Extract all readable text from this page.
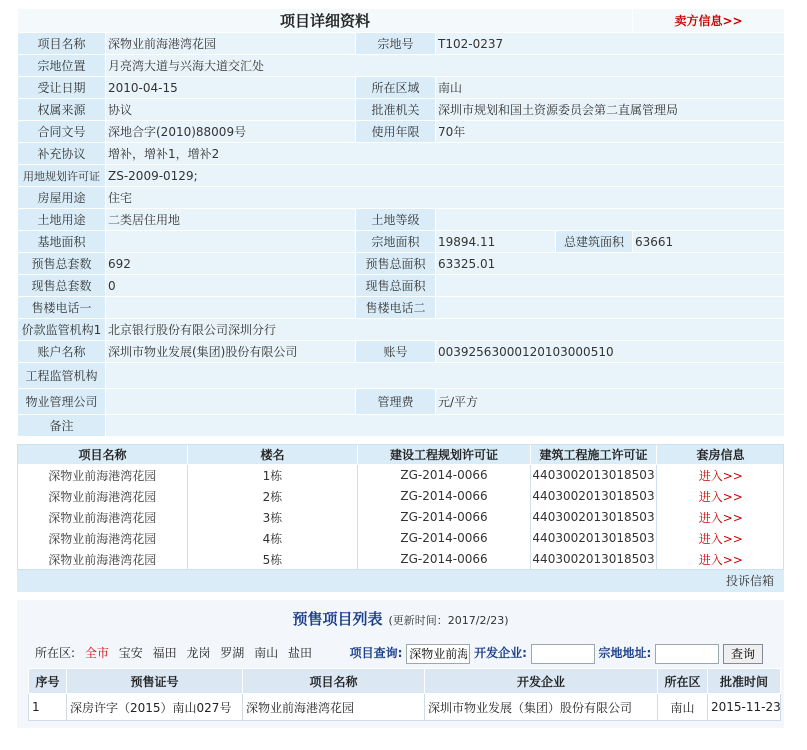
项目详细资料					卖方信息>>
项目名称	深物业前海港湾花园	宗地号	T102-0237		
宗地位置	月亮湾大道与兴海大道交汇处				
受让日期	2010-04-15	所在区域	南山		
权属来源	协议	批准机关	深圳市规划和国土资源委员会第二直属管理局		
合同文号	深地合字(2010)88009号	使用年限	70年		
补充协议	增补，增补1，增补2				
用地规划许可证	ZS-2009-0129;				
房屋用途	住宅				
土地用途	二类居住用地	土地等级			
基地面积		宗地面积	19894.11	总建筑面积	63661
预售总套数	692	预售总面积	63325.01		
现售总套数	0	现售总面积			
售楼电话一		售楼电话二			
价款监管机构1	北京银行股份有限公司深圳分行				
账户名称	深圳市物业发展(集团)股份有限公司	账号	00392563000120103000510		
工程监管机构					
物业管理公司		管理费	元/平方		
备注					
项目名称	楼名	建设工程规划许可证	建筑工程施工许可证	套房信息
深物业前海港湾花园	1栋	ZG-2014-0066	4403002013018503	进入>>
深物业前海港湾花园	2栋	ZG-2014-0066	4403002013018503	进入>>
深物业前海港湾花园	3栋	ZG-2014-0066	4403002013018503	进入>>
深物业前海港湾花园	4栋	ZG-2014-0066	4403002013018503	进入>>
深物业前海港湾花园	5栋	ZG-2014-0066	4403002013018503	进入>>
投诉信箱
预售项目列表 (更新时间：2017/2/23)
所在区: 全市 宝安 福田 龙岗 罗湖 南山 盐田	项目查询: 深物业前海	开发企业:	宗地地址:	查询
序号	预售证号	项目名称	开发企业	所在区	批准时间
1	深房许字（2015）南山027号	深物业前海港湾花园	深圳市物业发展（集团）股份有限公司	南山	2015-11-23
